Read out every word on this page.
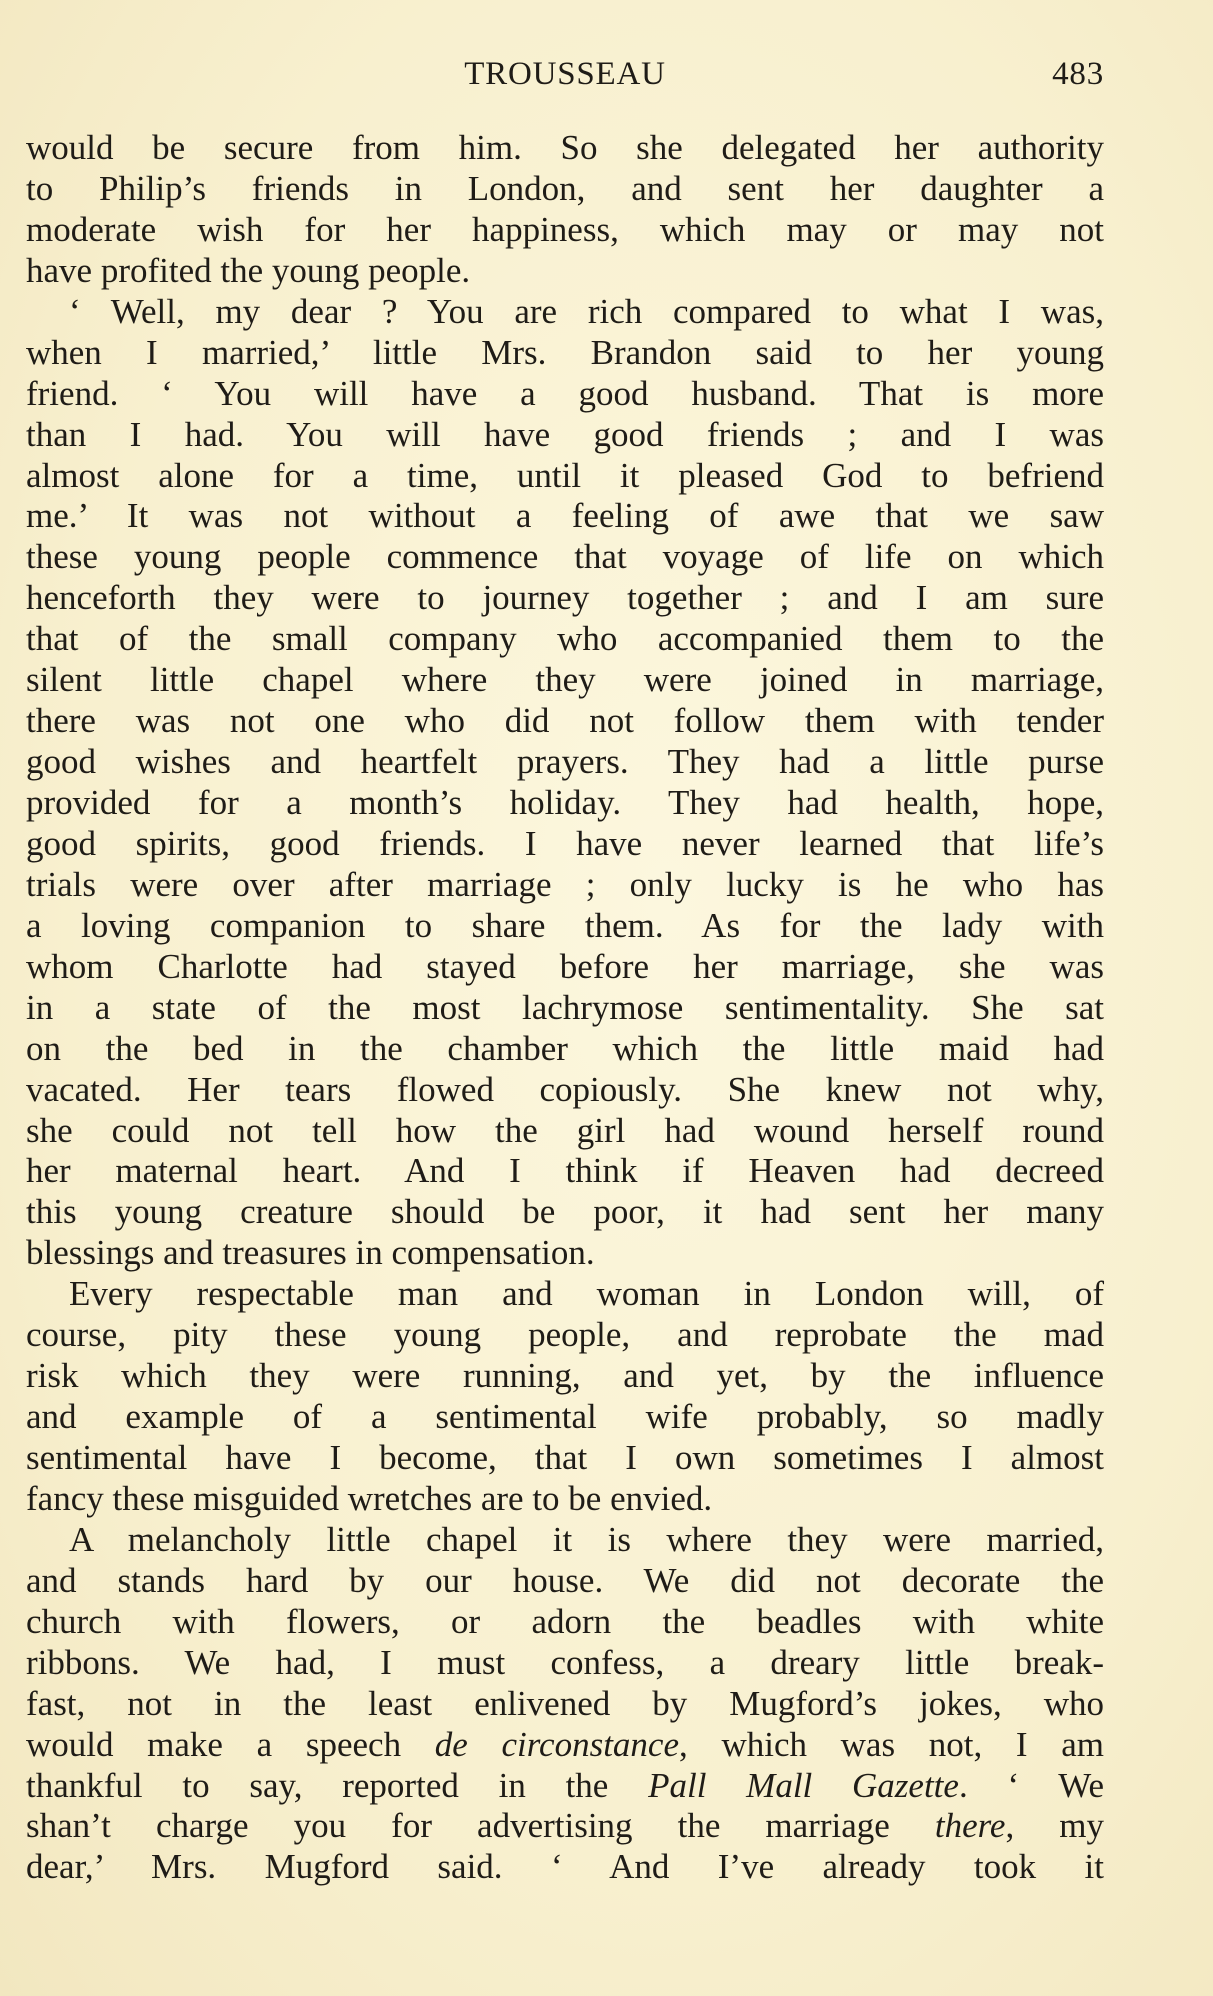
TROUSSEAU	483
would be secure from him. So she delegated her authority
to Philip’s friends in London, and sent her daughter a
moderate wish for her happiness, which may or may not
have profited the young people.
‘ Well, my dear ? You are rich compared to what I was,
when I married,’ little Mrs. Brandon said to her young
friend. ‘ You will have a good husband. That is more
than I had. You will have good friends ; and I was
almost alone for a time, until it pleased God to befriend
me.’ It was not without a feeling of awe that we saw
these young people commence that voyage of life on which
henceforth they were to journey together ; and I am sure
that of the small company who accompanied them to the
silent little chapel where they were joined in marriage,
there was not one who did not follow them with tender
good wishes and heartfelt prayers. They had a little purse
provided for a month’s holiday. They had health, hope,
good spirits, good friends. I have never learned that life’s
trials were over after marriage ; only lucky is he who has
a loving companion to share them. As for the lady with
whom Charlotte had stayed before her marriage, she was
in a state of the most lachrymose sentimentality. She sat
on the bed in the chamber which the little maid had
vacated. Her tears flowed copiously. She knew not why,
she could not tell how the girl had wound herself round
her maternal heart. And I think if Heaven had decreed
this young creature should be poor, it had sent her many
blessings and treasures in compensation.
Every respectable man and woman in London will, of
course, pity these young people, and reprobate the mad
risk which they were running, and yet, by the influence
and example of a sentimental wife probably, so madly
sentimental have I become, that I own sometimes I almost
fancy these misguided wretches are to be envied.
A melancholy little chapel it is where they were married,
and stands hard by our house. We did not decorate the
church with flowers, or adorn the beadles with white
ribbons. We had, I must confess, a dreary little break-
fast, not in the least enlivened by Mugford’s jokes, who
would make a speech de circonstance, which was not, I am
thankful to say, reported in the Pall Mall Gazette. ‘ We
shan’t charge you for advertising the marriage there, my
dear,’ Mrs. Mugford said. ‘ And I’ve already took it
